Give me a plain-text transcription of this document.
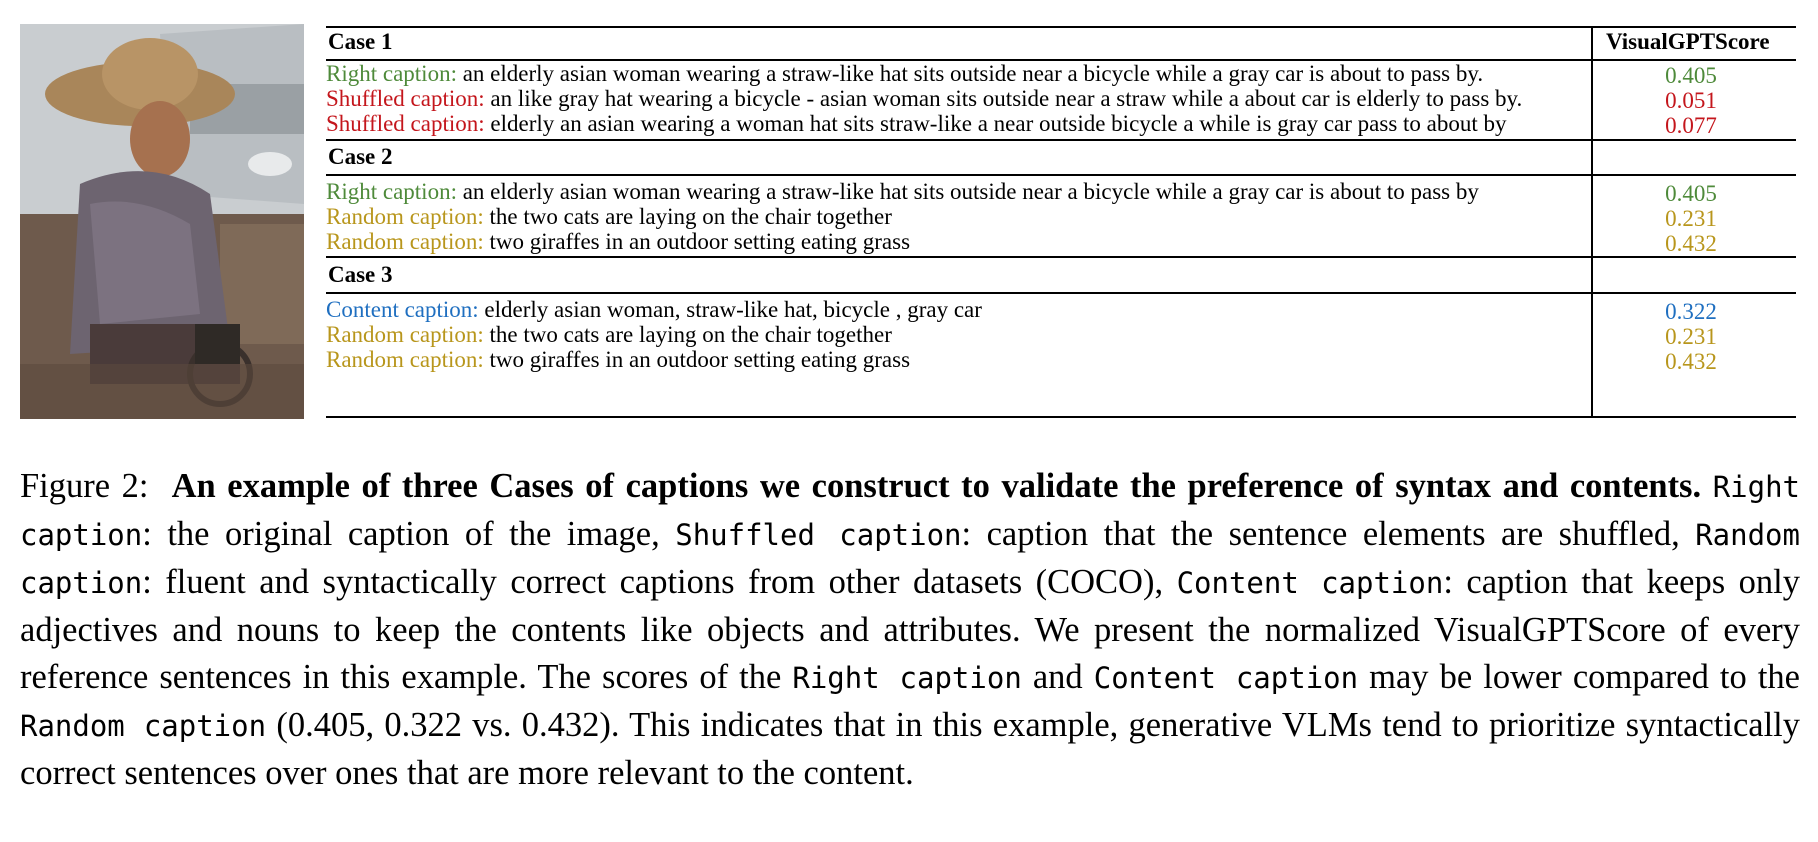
Case 1	VisualGPTScore
Right caption: an elderly asian woman wearing a straw-like hat sits outside near a bicycle while a gray car is about to pass by.	0.405
Shuffled caption: an like gray hat wearing a bicycle - asian woman sits outside near a straw while a about car is elderly to pass by.	0.051
Shuffled caption: elderly an asian wearing a woman hat sits straw-like a near outside bicycle a while is gray car pass to about by	0.077
Case 2
Right caption: an elderly asian woman wearing a straw-like hat sits outside near a bicycle while a gray car is about to pass by	0.405
Random caption: the two cats are laying on the chair together	0.231
Random caption: two giraffes in an outdoor setting eating grass	0.432
Case 3
Content caption: elderly asian woman, straw-like hat, bicycle , gray car	0.322
Random caption: the two cats are laying on the chair together	0.231
Random caption: two giraffes in an outdoor setting eating grass	0.432
Figure 2: An example of three Cases of captions we construct to validate the preference of syntax and contents. Right caption: the original caption of the image, Shuffled caption: caption that the sentence elements are shuffled, Random caption: fluent and syntactically correct captions from other datasets (COCO), Content caption: caption that keeps only adjectives and nouns to keep the contents like objects and attributes. We present the normalized VisualGPTScore of every reference sentences in this example. The scores of the Right caption and Content caption may be lower compared to the Random caption (0.405, 0.322 vs. 0.432). This indicates that in this example, generative VLMs tend to prioritize syntactically correct sentences over ones that are more relevant to the content.
